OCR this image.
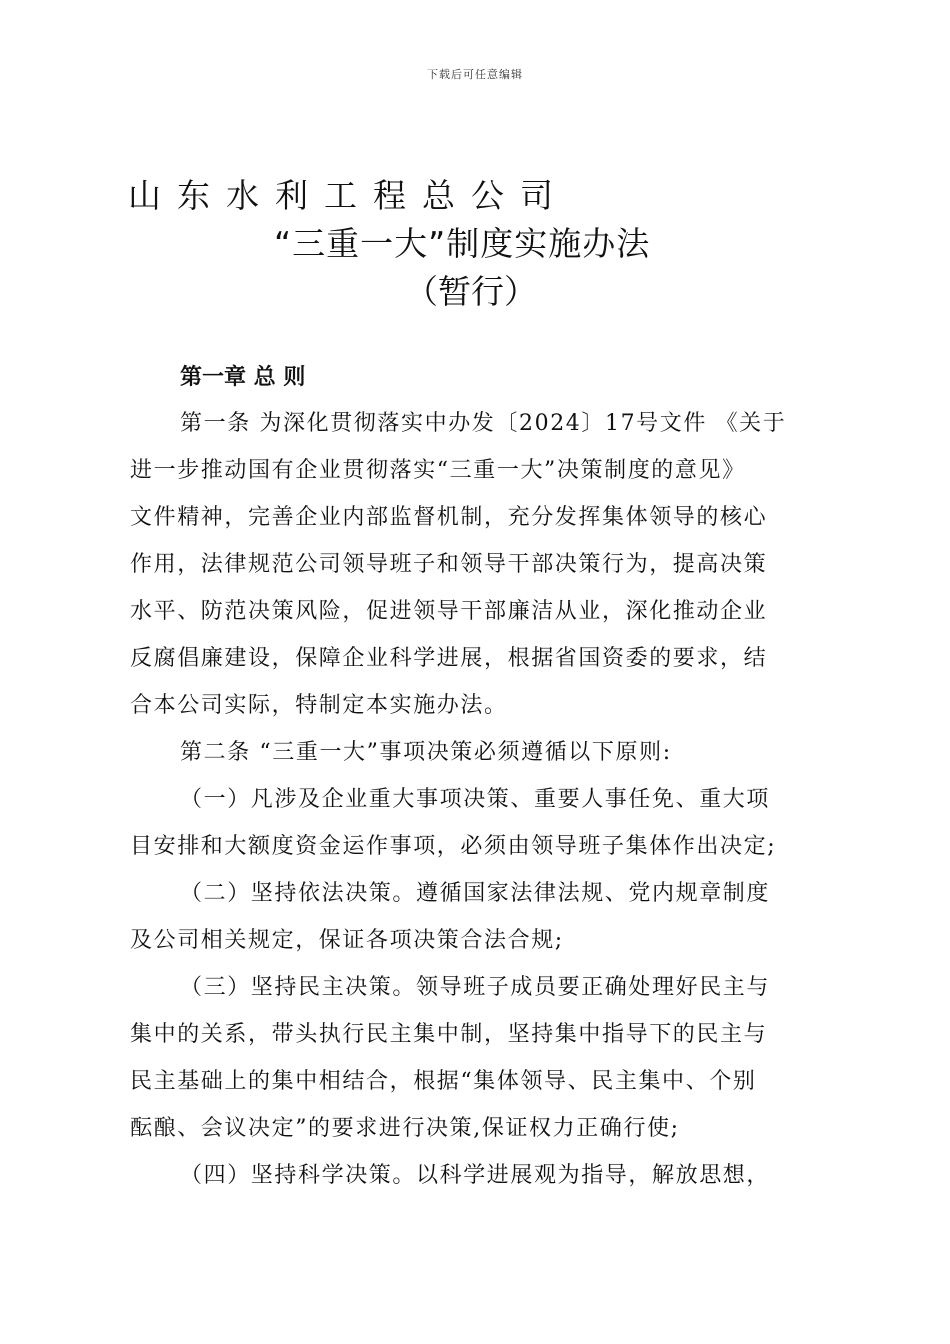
下载后可任意编辑
山东水利工程总公司
“三重一大”制度实施办法
（暂行）
第一章 总 则
第一条 为深化贯彻落实中办发〔2024〕17号文件 《关于
进一步推动国有企业贯彻落实“三重一大”决策制度的意见》
文件精神，完善企业内部监督机制，充分发挥集体领导的核心
作用，法律规范公司领导班子和领导干部决策行为，提高决策
水平、防范决策风险，促进领导干部廉洁从业，深化推动企业
反腐倡廉建设，保障企业科学进展，根据省国资委的要求，结
合本公司实际，特制定本实施办法。
第二条 “三重一大”事项决策必须遵循以下原则:
（一）凡涉及企业重大事项决策、重要人事任免、重大项
目安排和大额度资金运作事项，必须由领导班子集体作出决定;
（二）坚持依法决策。遵循国家法律法规、党内规章制度
及公司相关规定，保证各项决策合法合规;
（三）坚持民主决策。领导班子成员要正确处理好民主与
集中的关系，带头执行民主集中制，坚持集中指导下的民主与
民主基础上的集中相结合，根据“集体领导、民主集中、个别
酝酿、会议决定”的要求进行决策,保证权力正确行使;
（四）坚持科学决策。以科学进展观为指导，解放思想，
